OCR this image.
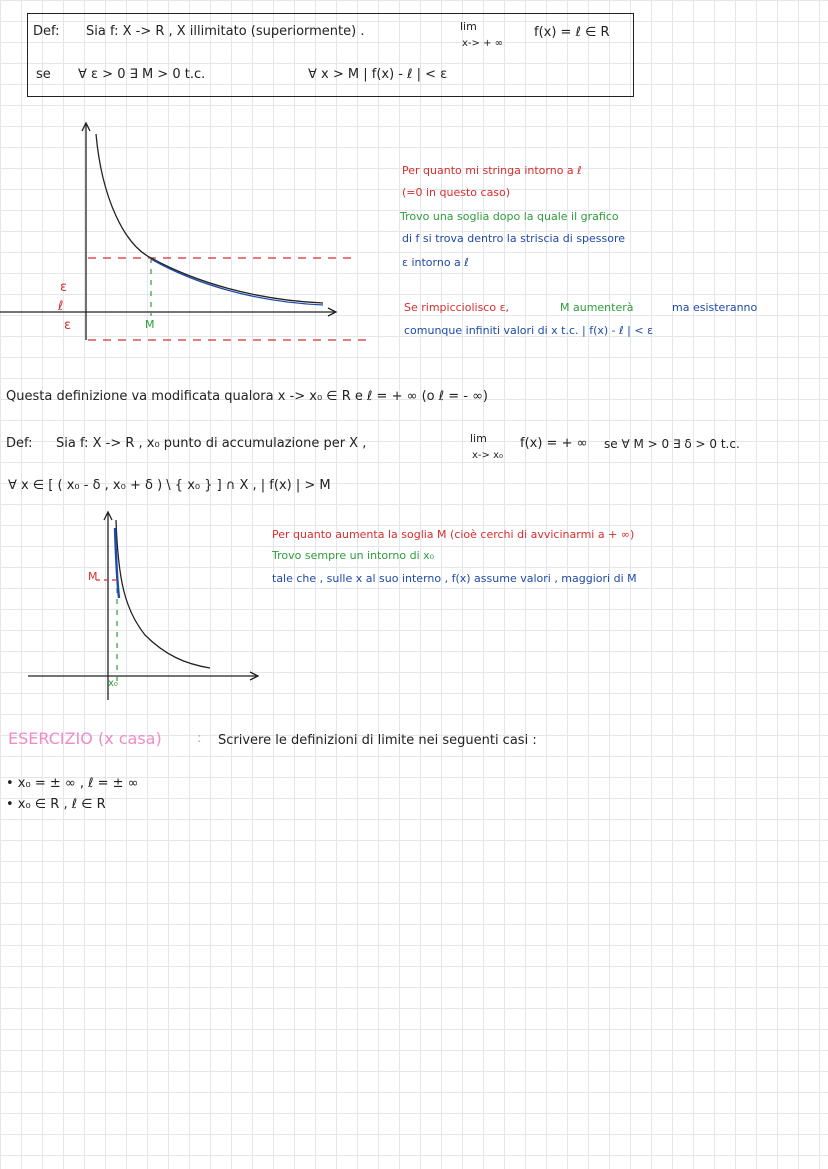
Def: Sia f: X -> R , X illimitato (superiormente) .	lim
x-> + ∞
f(x) = ℓ ∈ R
se ∀ ε > 0 ∃ M > 0 t.c.	∀ x > M | f(x) - ℓ | < ε
ε
ℓ
ε	M
Per quanto mi stringa intorno a ℓ
(=0 in questo caso)
Trovo una soglia dopo la quale il grafico
di f si trova dentro la striscia di spessore
ε intorno a ℓ
Se rimpicciolisco ε,	M aumenterà	ma esisteranno
comunque infiniti valori di x t.c. | f(x) - ℓ | < ε
Questa definizione va modificata qualora x -> x₀ ∈ R e ℓ = + ∞ (o ℓ = - ∞)
Def: Sia f: X -> R , x₀ punto di accumulazione per X ,	lim
x-> x₀
f(x) = + ∞ se ∀ M > 0 ∃ δ > 0 t.c.
∀ x ∈ [ ( x₀ - δ , x₀ + δ ) \ { x₀ } ] ∩ X , | f(x) | > M
M
x₀
Per quanto aumenta la soglia M (cioè cerchi di avvicinarmi a + ∞)
Trovo sempre un intorno di x₀
tale che , sulle x al suo interno , f(x) assume valori , maggiori di M
ESERCIZIO (x casa)	: Scrivere le definizioni di limite nei seguenti casi :
• x₀ = ± ∞ , ℓ = ± ∞
• x₀ ∈ R , ℓ ∈ R
